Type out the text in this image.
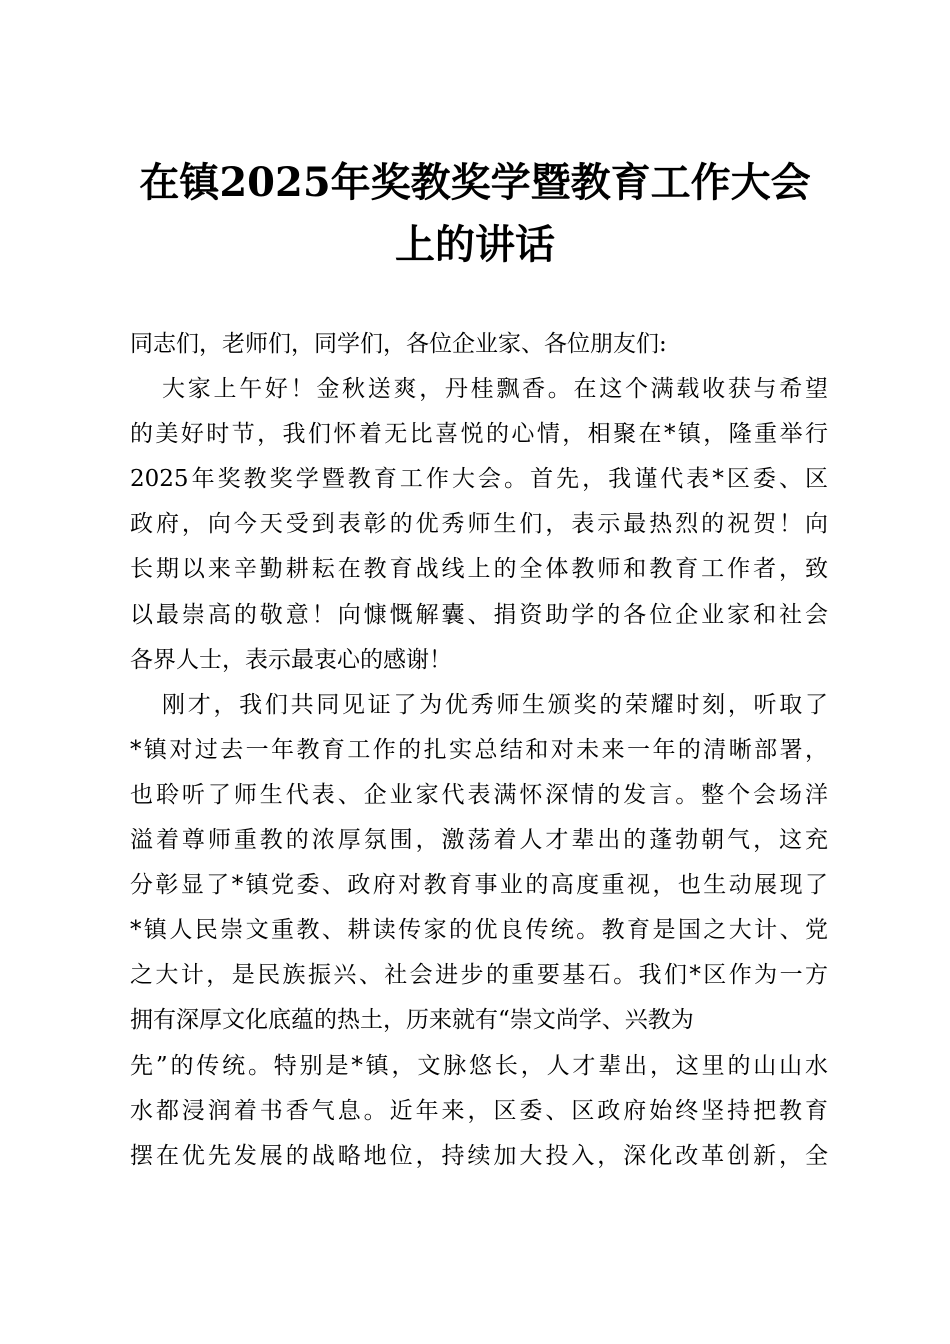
在镇2025年奖教奖学暨教育工作大会
上的讲话
同志们，老师们，同学们，各位企业家、各位朋友们:
大家上午好！金秋送爽，丹桂飘香。在这个满载收获与希望
的美好时节，我们怀着无比喜悦的心情，相聚在*镇，隆重举行
2025年奖教奖学暨教育工作大会。首先，我谨代表*区委、区
政府，向今天受到表彰的优秀师生们，表示最热烈的祝贺！向
长期以来辛勤耕耘在教育战线上的全体教师和教育工作者，致
以最崇高的敬意！向慷慨解囊、捐资助学的各位企业家和社会
各界人士，表示最衷心的感谢！
刚才，我们共同见证了为优秀师生颁奖的荣耀时刻，听取了
*镇对过去一年教育工作的扎实总结和对未来一年的清晰部署，
也聆听了师生代表、企业家代表满怀深情的发言。整个会场洋
溢着尊师重教的浓厚氛围，激荡着人才辈出的蓬勃朝气，这充
分彰显了*镇党委、政府对教育事业的高度重视，也生动展现了
*镇人民崇文重教、耕读传家的优良传统。教育是国之大计、党
之大计，是民族振兴、社会进步的重要基石。我们*区作为一方
拥有深厚文化底蕴的热土，历来就有“崇文尚学、兴教为
先”的传统。特别是*镇，文脉悠长，人才辈出，这里的山山水
水都浸润着书香气息。近年来，区委、区政府始终坚持把教育
摆在优先发展的战略地位，持续加大投入，深化改革创新，全
